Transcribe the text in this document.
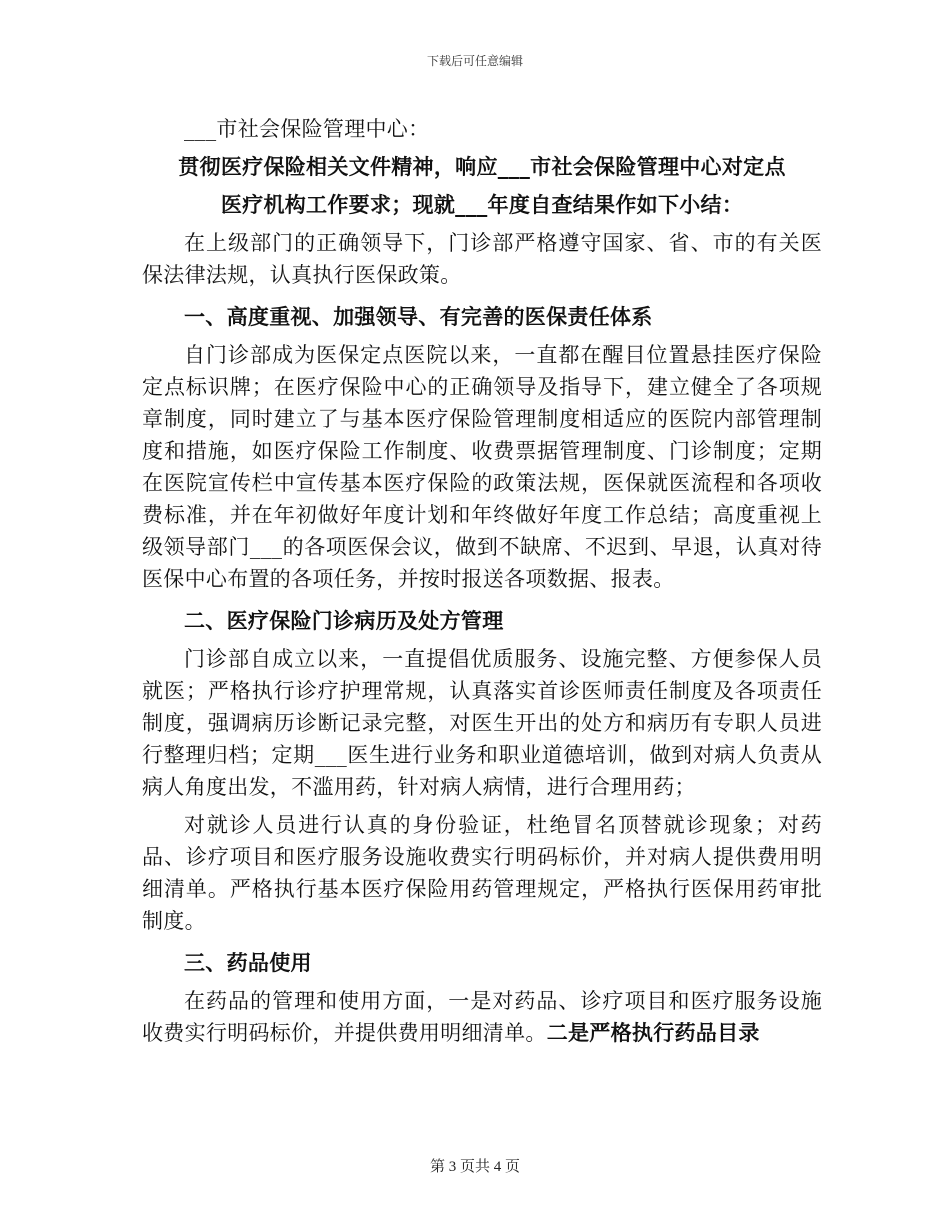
下载后可任意编辑

___市社会保险管理中心：

贯彻医疗保险相关文件精神，响应___市社会保险管理中心对定点

医疗机构工作要求；现就___年度自查结果作如下小结：

在上级部门的正确领导下，门诊部严格遵守国家、省、市的有关医保法律法规，认真执行医保政策。

一、高度重视、加强领导、有完善的医保责任体系

自门诊部成为医保定点医院以来，一直都在醒目位置悬挂医疗保险定点标识牌；在医疗保险中心的正确领导及指导下，建立健全了各项规章制度，同时建立了与基本医疗保险管理制度相适应的医院内部管理制度和措施，如医疗保险工作制度、收费票据管理制度、门诊制度；定期在医院宣传栏中宣传基本医疗保险的政策法规，医保就医流程和各项收费标准，并在年初做好年度计划和年终做好年度工作总结；高度重视上级领导部门___的各项医保会议，做到不缺席、不迟到、早退，认真对待医保中心布置的各项任务，并按时报送各项数据、报表。

二、医疗保险门诊病历及处方管理

门诊部自成立以来，一直提倡优质服务、设施完整、方便参保人员就医；严格执行诊疗护理常规，认真落实首诊医师责任制度及各项责任制度，强调病历诊断记录完整，对医生开出的处方和病历有专职人员进行整理归档；定期___医生进行业务和职业道德培训，做到对病人负责从病人角度出发，不滥用药，针对病人病情，进行合理用药；

对就诊人员进行认真的身份验证，杜绝冒名顶替就诊现象；对药品、诊疗项目和医疗服务设施收费实行明码标价，并对病人提供费用明细清单。严格执行基本医疗保险用药管理规定，严格执行医保用药审批制度。

三、药品使用

在药品的管理和使用方面，一是对药品、诊疗项目和医疗服务设施收费实行明码标价，并提供费用明细清单。二是严格执行药品目录

第 3 页共 4 页
